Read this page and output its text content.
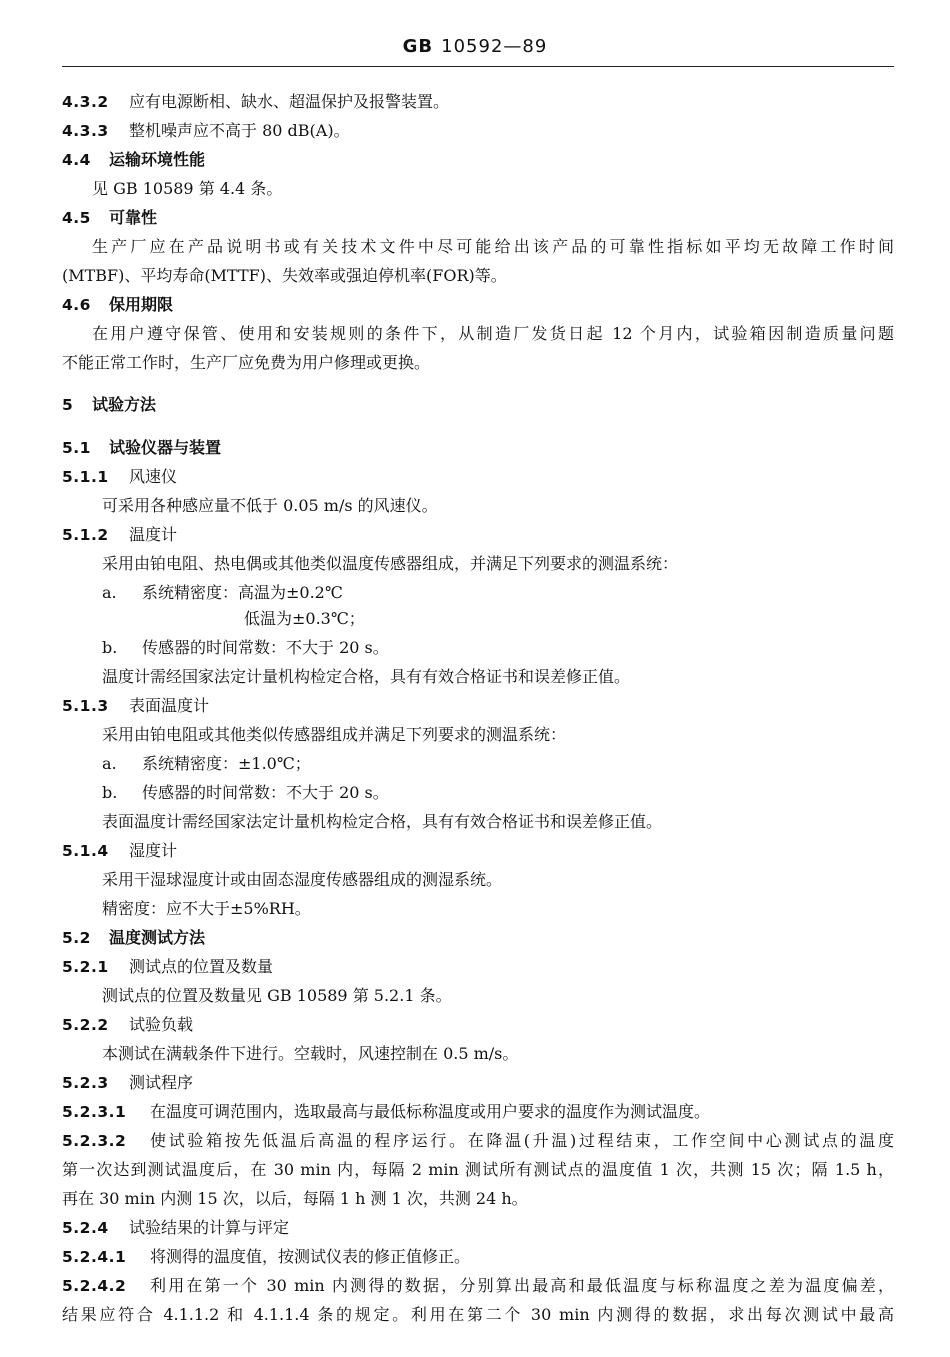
GB 10592—89
4.3.2 应有电源断相、缺水、超温保护及报警装置。
4.3.3 整机噪声应不高于 80 dB(A)。
4.4 运输环境性能
见 GB 10589 第 4.4 条。
4.5 可靠性
生产厂应在产品说明书或有关技术文件中尽可能给出该产品的可靠性指标如平均无故障工作时间
(MTBF)、平均寿命(MTTF)、失效率或强迫停机率(FOR)等。
4.6 保用期限
在用户遵守保管、使用和安装规则的条件下，从制造厂发货日起 12 个月内，试验箱因制造质量问题
不能正常工作时，生产厂应免费为用户修理或更换。
5 试验方法
5.1 试验仪器与装置
5.1.1 风速仪
可采用各种感应量不低于 0.05 m/s 的风速仪。
5.1.2 温度计
采用由铂电阻、热电偶或其他类似温度传感器组成，并满足下列要求的测温系统：
a. 系统精密度：高温为±0.2℃
低温为±0.3℃；
b. 传感器的时间常数：不大于 20 s。
温度计需经国家法定计量机构检定合格，具有有效合格证书和误差修正值。
5.1.3 表面温度计
采用由铂电阻或其他类似传感器组成并满足下列要求的测温系统：
a. 系统精密度：±1.0℃；
b. 传感器的时间常数：不大于 20 s。
表面温度计需经国家法定计量机构检定合格，具有有效合格证书和误差修正值。
5.1.4 湿度计
采用干湿球湿度计或由固态湿度传感器组成的测湿系统。
精密度：应不大于±5%RH。
5.2 温度测试方法
5.2.1 测试点的位置及数量
测试点的位置及数量见 GB 10589 第 5.2.1 条。
5.2.2 试验负载
本测试在满载条件下进行。空载时，风速控制在 0.5 m/s。
5.2.3 测试程序
5.2.3.1 在温度可调范围内，选取最高与最低标称温度或用户要求的温度作为测试温度。
5.2.3.2 使试验箱按先低温后高温的程序运行。在降温(升温)过程结束，工作空间中心测试点的温度
第一次达到测试温度后，在 30 min 内，每隔 2 min 测试所有测试点的温度值 1 次，共测 15 次；隔 1.5 h，
再在 30 min 内测 15 次，以后，每隔 1 h 测 1 次，共测 24 h。
5.2.4 试验结果的计算与评定
5.2.4.1 将测得的温度值，按测试仪表的修正值修正。
5.2.4.2 利用在第一个 30 min 内测得的数据，分别算出最高和最低温度与标称温度之差为温度偏差，
结果应符合 4.1.1.2 和 4.1.1.4 条的规定。利用在第二个 30 min 内测得的数据，求出每次测试中最高
